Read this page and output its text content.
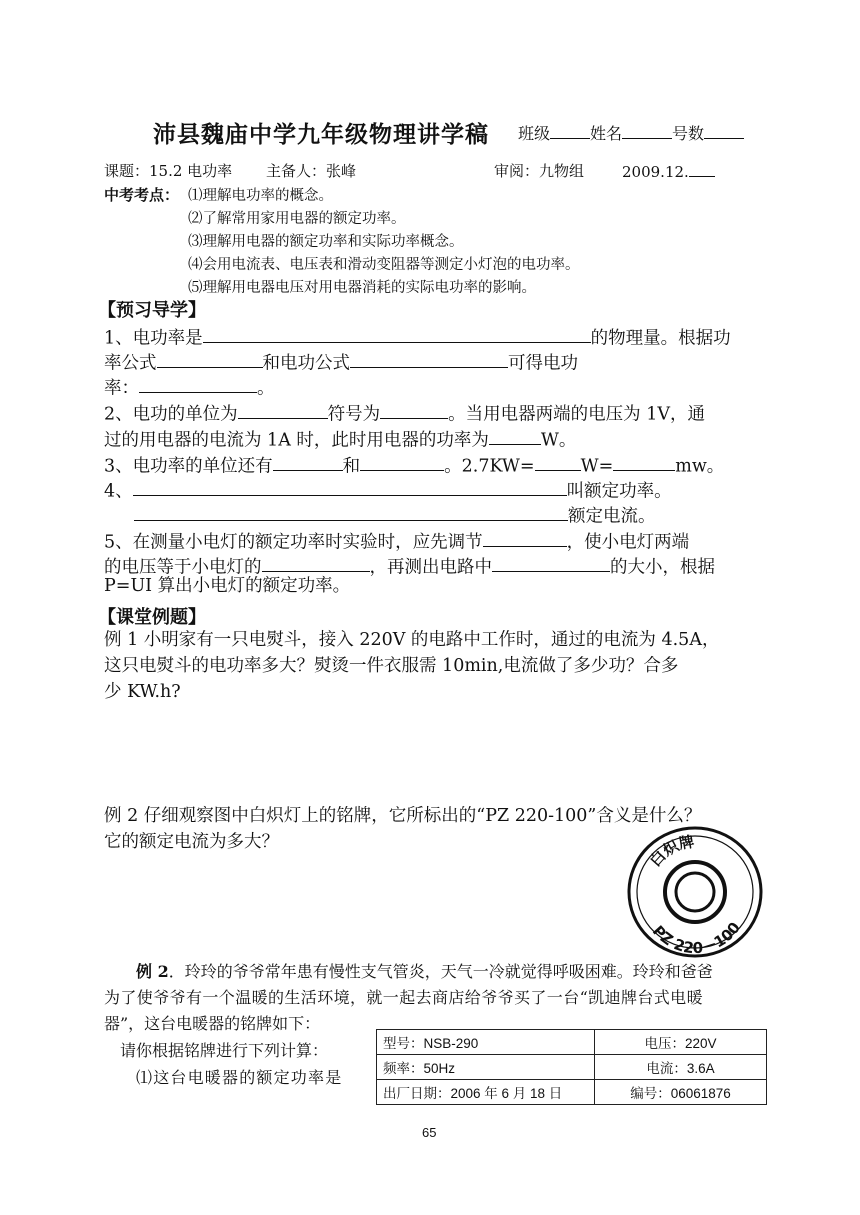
沛县魏庙中学九年级物理讲学稿 班级	姓名	号数
课题：15.2 电功率 主备人：张峰	审阅：九物组	2009.12.
中考考点： ⑴理解电功率的概念。
⑵了解常用家用电器的额定功率。
⑶理解用电器的额定功率和实际功率概念。
⑷会用电流表、电压表和滑动变阻器等测定小灯泡的电功率。
⑸理解用电器电压对用电器消耗的实际电功率的影响。
【预习导学】
1、电功率是	的物理量。根据功
率公式	和电功公式	可得电功
率：	。
2、电功的单位为	符号为	。当用电器两端的电压为 1V，通
过的用电器的电流为 1A 时，此时用电器的功率为	W。
3、电功率的单位还有	和	。2.7KW=	W=	mw。
4、	叫额定功率。
额定电流。
5、在测量小电灯的额定功率时实验时，应先调节	，使小电灯两端
的电压等于小电灯的	，再测出电路中	的大小，根据
P=UI 算出小电灯的额定功率。
【课堂例题】
例 1 小明家有一只电熨斗，接入 220V 的电路中工作时，通过的电流为 4.5A，
这只电熨斗的电功率多大？熨烫一件衣服需 10min,电流做了多少功？合多
少 KW.h?
例 2 仔细观察图中白炽灯上的铭牌，它所标出的“PZ 220-100”含义是什么？
它的额定电流为多大？
白炽牌
PZ 220－100
例 2．玲玲的爷爷常年患有慢性支气管炎，天气一冷就觉得呼吸困难。玲玲和爸爸
为了使爷爷有一个温暖的生活环境，就一起去商店给爷爷买了一台“凯迪牌台式电暖
器”，这台电暖器的铭牌如下：
请你根据铭牌进行下列计算：
⑴这台电暖器的额定功率是
型号：NSB-290	电压：220V
频率：50Hz	电流：3.6A
出厂日期：2006 年 6 月 18 日	编号：06061876
65
